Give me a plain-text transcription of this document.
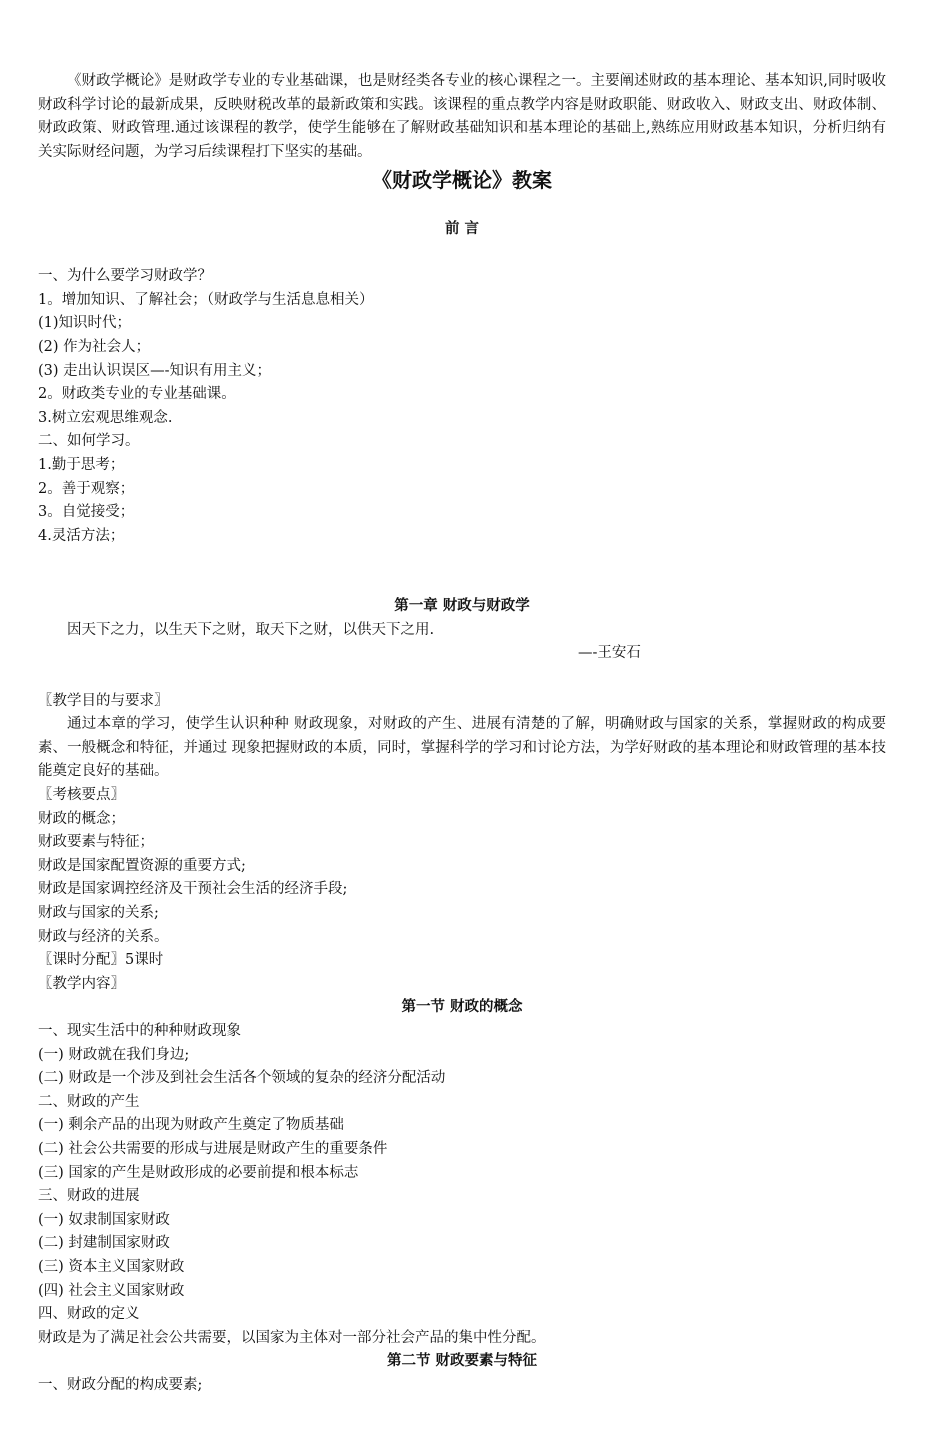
《财政学概论》是财政学专业的专业基础课，也是财经类各专业的核心课程之一。主要阐述财政的基本理论、基本知识,同时吸收财政科学讨论的最新成果，反映财税改革的最新政策和实践。该课程的重点教学内容是财政职能、财政收入、财政支出、财政体制、财政政策、财政管理.通过该课程的教学，使学生能够在了解财政基础知识和基本理论的基础上,熟练应用财政基本知识，分析归纳有关实际财经问题，为学习后续课程打下坚实的基础。

《财政学概论》教案
前 言

一、为什么要学习财政学？

1。增加知识、了解社会；（财政学与生活息息相关）

(1)知识时代；

(2) 作为社会人；

(3) 走出认识误区—-知识有用主义；

2。财政类专业的专业基础课。

3.树立宏观思维观念.

二、如何学习。

1.勤于思考；

2。善于观察；

3。自觉接受；

4.灵活方法；

第一章 财政与财政学

因天下之力，以生天下之财，取天下之财，以供天下之用.

—-王安石

〖教学目的与要求〗

通过本章的学习，使学生认识种种 财政现象，对财政的产生、进展有清楚的了解，明确财政与国家的关系，掌握财政的构成要素、一般概念和特征，并通过 现象把握财政的本质，同时，掌握科学的学习和讨论方法，为学好财政的基本理论和财政管理的基本技能奠定良好的基础。

〖考核要点〗

财政的概念；

财政要素与特征；

财政是国家配置资源的重要方式;

财政是国家调控经济及干预社会生活的经济手段;

财政与国家的关系;

财政与经济的关系。

〖课时分配〗5课时

〖教学内容〗

第一节 财政的概念

一、现实生活中的种种财政现象

(一) 财政就在我们身边;

(二) 财政是一个涉及到社会生活各个领域的复杂的经济分配活动

二、财政的产生

(一) 剩余产品的出现为财政产生奠定了物质基础

(二) 社会公共需要的形成与进展是财政产生的重要条件

(三) 国家的产生是财政形成的必要前提和根本标志

三、财政的进展

(一) 奴隶制国家财政

(二) 封建制国家财政

(三) 资本主义国家财政

(四) 社会主义国家财政

四、财政的定义

财政是为了满足社会公共需要，以国家为主体对一部分社会产品的集中性分配。

第二节 财政要素与特征

一、财政分配的构成要素;
